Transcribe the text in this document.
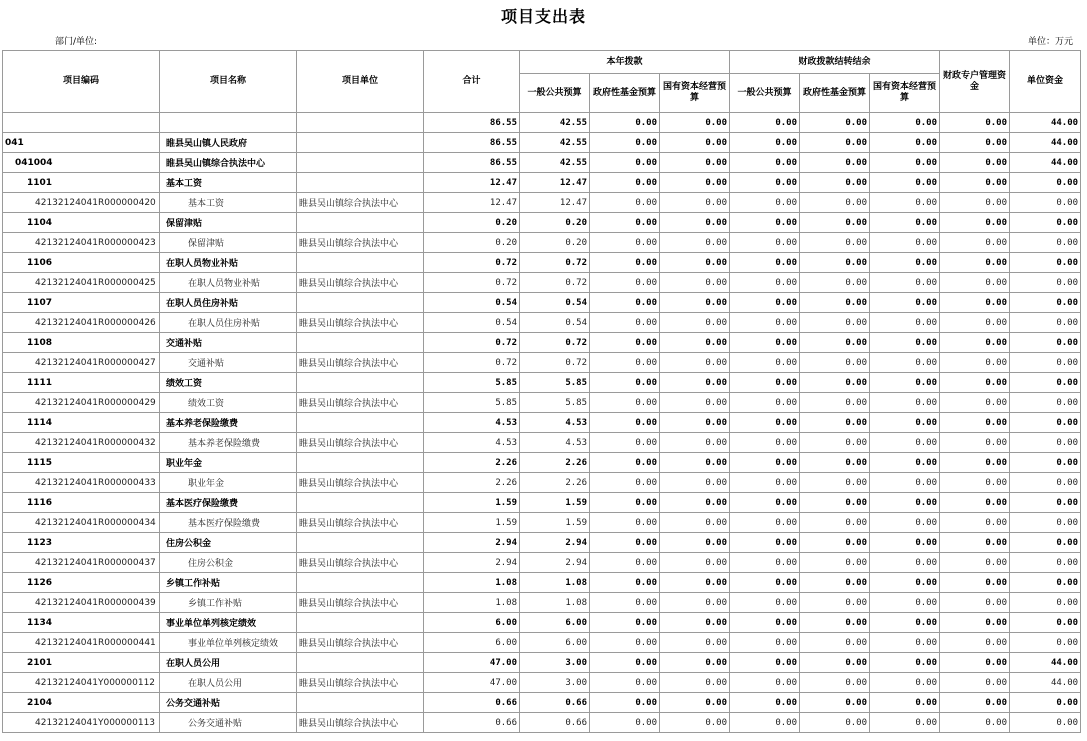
项目支出表
部门/单位:	单位：万元
项目编码	项目名称	项目单位	合计	本年拨款			财政拨款结转结余			财政专户管理资金	单位资金
				一般公共预算	政府性基金预算	国有资本经营预算	一般公共预算	政府性基金预算	国有资本经营预算		
			86.55	42.55	0.00	0.00	0.00	0.00	0.00	0.00	44.00
041	睢县吴山镇人民政府		86.55	42.55	0.00	0.00	0.00	0.00	0.00	0.00	44.00
041004	睢县吴山镇综合执法中心		86.55	42.55	0.00	0.00	0.00	0.00	0.00	0.00	44.00
1101	基本工资		12.47	12.47	0.00	0.00	0.00	0.00	0.00	0.00	0.00
42132124041R000000420	基本工资	睢县吴山镇综合执法中心	12.47	12.47	0.00	0.00	0.00	0.00	0.00	0.00	0.00
1104	保留津贴		0.20	0.20	0.00	0.00	0.00	0.00	0.00	0.00	0.00
42132124041R000000423	保留津贴	睢县吴山镇综合执法中心	0.20	0.20	0.00	0.00	0.00	0.00	0.00	0.00	0.00
1106	在职人员物业补贴		0.72	0.72	0.00	0.00	0.00	0.00	0.00	0.00	0.00
42132124041R000000425	在职人员物业补贴	睢县吴山镇综合执法中心	0.72	0.72	0.00	0.00	0.00	0.00	0.00	0.00	0.00
1107	在职人员住房补贴		0.54	0.54	0.00	0.00	0.00	0.00	0.00	0.00	0.00
42132124041R000000426	在职人员住房补贴	睢县吴山镇综合执法中心	0.54	0.54	0.00	0.00	0.00	0.00	0.00	0.00	0.00
1108	交通补贴		0.72	0.72	0.00	0.00	0.00	0.00	0.00	0.00	0.00
42132124041R000000427	交通补贴	睢县吴山镇综合执法中心	0.72	0.72	0.00	0.00	0.00	0.00	0.00	0.00	0.00
1111	绩效工资		5.85	5.85	0.00	0.00	0.00	0.00	0.00	0.00	0.00
42132124041R000000429	绩效工资	睢县吴山镇综合执法中心	5.85	5.85	0.00	0.00	0.00	0.00	0.00	0.00	0.00
1114	基本养老保险缴费		4.53	4.53	0.00	0.00	0.00	0.00	0.00	0.00	0.00
42132124041R000000432	基本养老保险缴费	睢县吴山镇综合执法中心	4.53	4.53	0.00	0.00	0.00	0.00	0.00	0.00	0.00
1115	职业年金		2.26	2.26	0.00	0.00	0.00	0.00	0.00	0.00	0.00
42132124041R000000433	职业年金	睢县吴山镇综合执法中心	2.26	2.26	0.00	0.00	0.00	0.00	0.00	0.00	0.00
1116	基本医疗保险缴费		1.59	1.59	0.00	0.00	0.00	0.00	0.00	0.00	0.00
42132124041R000000434	基本医疗保险缴费	睢县吴山镇综合执法中心	1.59	1.59	0.00	0.00	0.00	0.00	0.00	0.00	0.00
1123	住房公积金		2.94	2.94	0.00	0.00	0.00	0.00	0.00	0.00	0.00
42132124041R000000437	住房公积金	睢县吴山镇综合执法中心	2.94	2.94	0.00	0.00	0.00	0.00	0.00	0.00	0.00
1126	乡镇工作补贴		1.08	1.08	0.00	0.00	0.00	0.00	0.00	0.00	0.00
42132124041R000000439	乡镇工作补贴	睢县吴山镇综合执法中心	1.08	1.08	0.00	0.00	0.00	0.00	0.00	0.00	0.00
1134	事业单位单列核定绩效		6.00	6.00	0.00	0.00	0.00	0.00	0.00	0.00	0.00
42132124041R000000441	事业单位单列核定绩效	睢县吴山镇综合执法中心	6.00	6.00	0.00	0.00	0.00	0.00	0.00	0.00	0.00
2101	在职人员公用		47.00	3.00	0.00	0.00	0.00	0.00	0.00	0.00	44.00
42132124041Y000000112	在职人员公用	睢县吴山镇综合执法中心	47.00	3.00	0.00	0.00	0.00	0.00	0.00	0.00	44.00
2104	公务交通补贴		0.66	0.66	0.00	0.00	0.00	0.00	0.00	0.00	0.00
42132124041Y000000113	公务交通补贴	睢县吴山镇综合执法中心	0.66	0.66	0.00	0.00	0.00	0.00	0.00	0.00	0.00
